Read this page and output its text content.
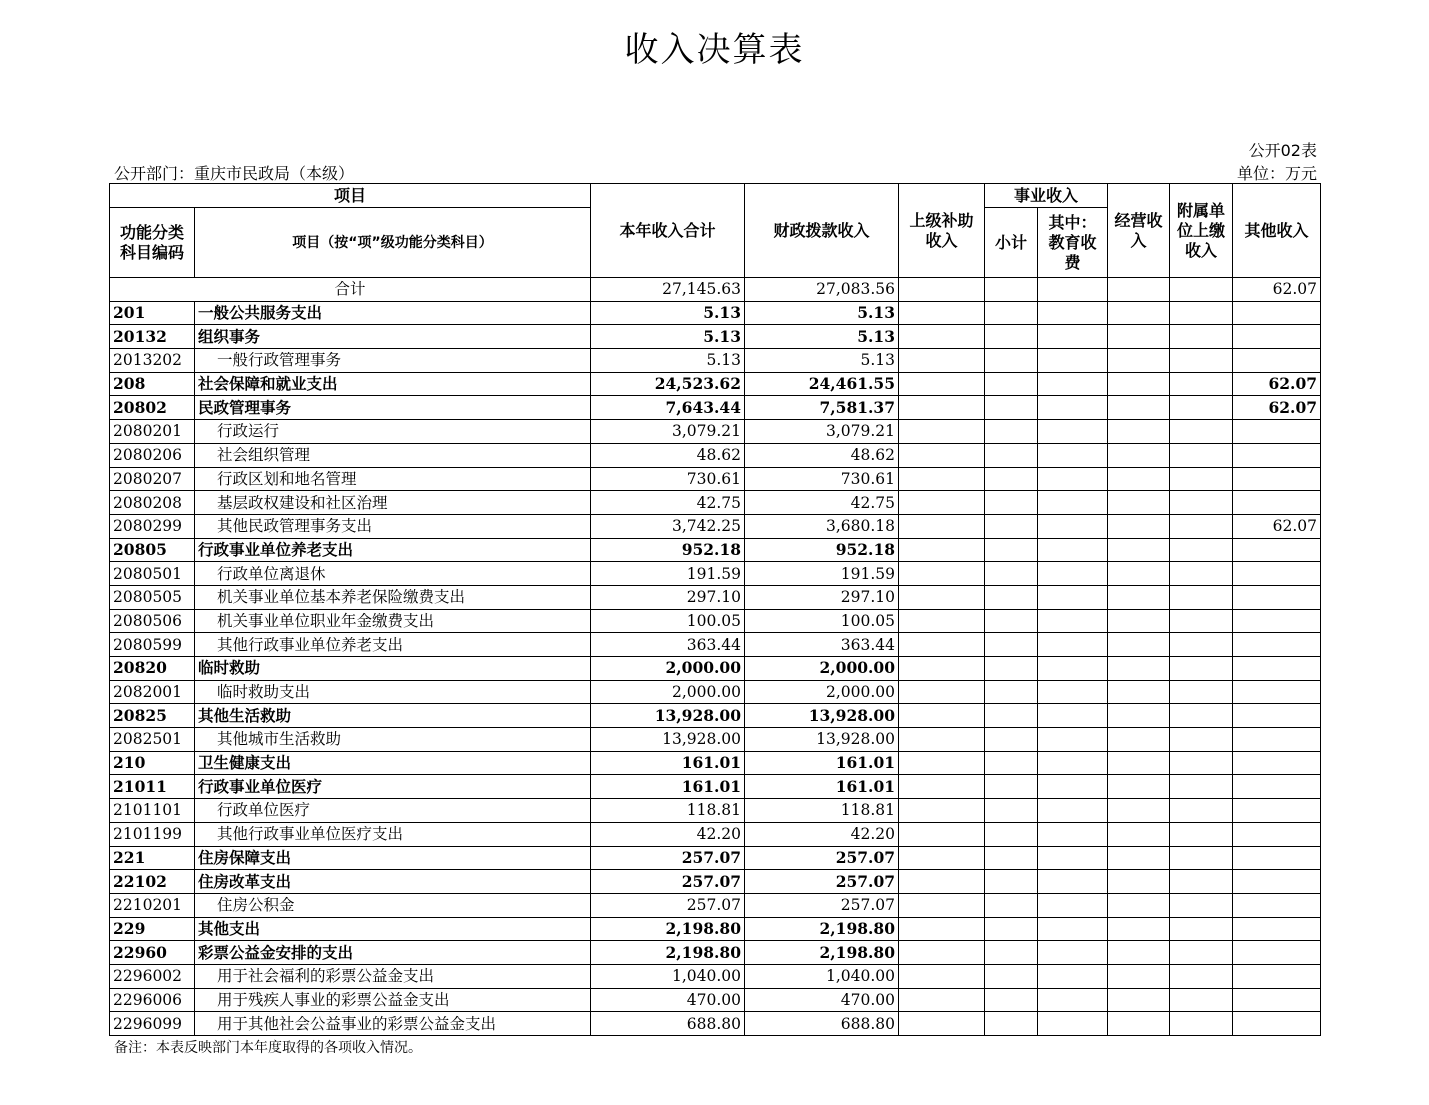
收入决算表
公开02表
公开部门：重庆市民政局（本级）	单位：万元
项目		本年收入合计	财政拨款收入	上级补助收入	事业收入		经营收入	附属单位上缴收入	其他收入
功能分类科目编码	项目（按“项”级功能分类科目）				小计	其中：教育收费			
合计		27,145.63	27,083.56						62.07
201	一般公共服务支出	5.13	5.13						
20132	组织事务	5.13	5.13						
2013202	一般行政管理事务	5.13	5.13						
208	社会保障和就业支出	24,523.62	24,461.55						62.07
20802	民政管理事务	7,643.44	7,581.37						62.07
2080201	行政运行	3,079.21	3,079.21						
2080206	社会组织管理	48.62	48.62						
2080207	行政区划和地名管理	730.61	730.61						
2080208	基层政权建设和社区治理	42.75	42.75						
2080299	其他民政管理事务支出	3,742.25	3,680.18						62.07
20805	行政事业单位养老支出	952.18	952.18						
2080501	行政单位离退休	191.59	191.59						
2080505	机关事业单位基本养老保险缴费支出	297.10	297.10						
2080506	机关事业单位职业年金缴费支出	100.05	100.05						
2080599	其他行政事业单位养老支出	363.44	363.44						
20820	临时救助	2,000.00	2,000.00						
2082001	临时救助支出	2,000.00	2,000.00						
20825	其他生活救助	13,928.00	13,928.00						
2082501	其他城市生活救助	13,928.00	13,928.00						
210	卫生健康支出	161.01	161.01						
21011	行政事业单位医疗	161.01	161.01						
2101101	行政单位医疗	118.81	118.81						
2101199	其他行政事业单位医疗支出	42.20	42.20						
221	住房保障支出	257.07	257.07						
22102	住房改革支出	257.07	257.07						
2210201	住房公积金	257.07	257.07						
229	其他支出	2,198.80	2,198.80						
22960	彩票公益金安排的支出	2,198.80	2,198.80						
2296002	用于社会福利的彩票公益金支出	1,040.00	1,040.00						
2296006	用于残疾人事业的彩票公益金支出	470.00	470.00						
2296099	用于其他社会公益事业的彩票公益金支出	688.80	688.80						
备注：本表反映部门本年度取得的各项收入情况。
